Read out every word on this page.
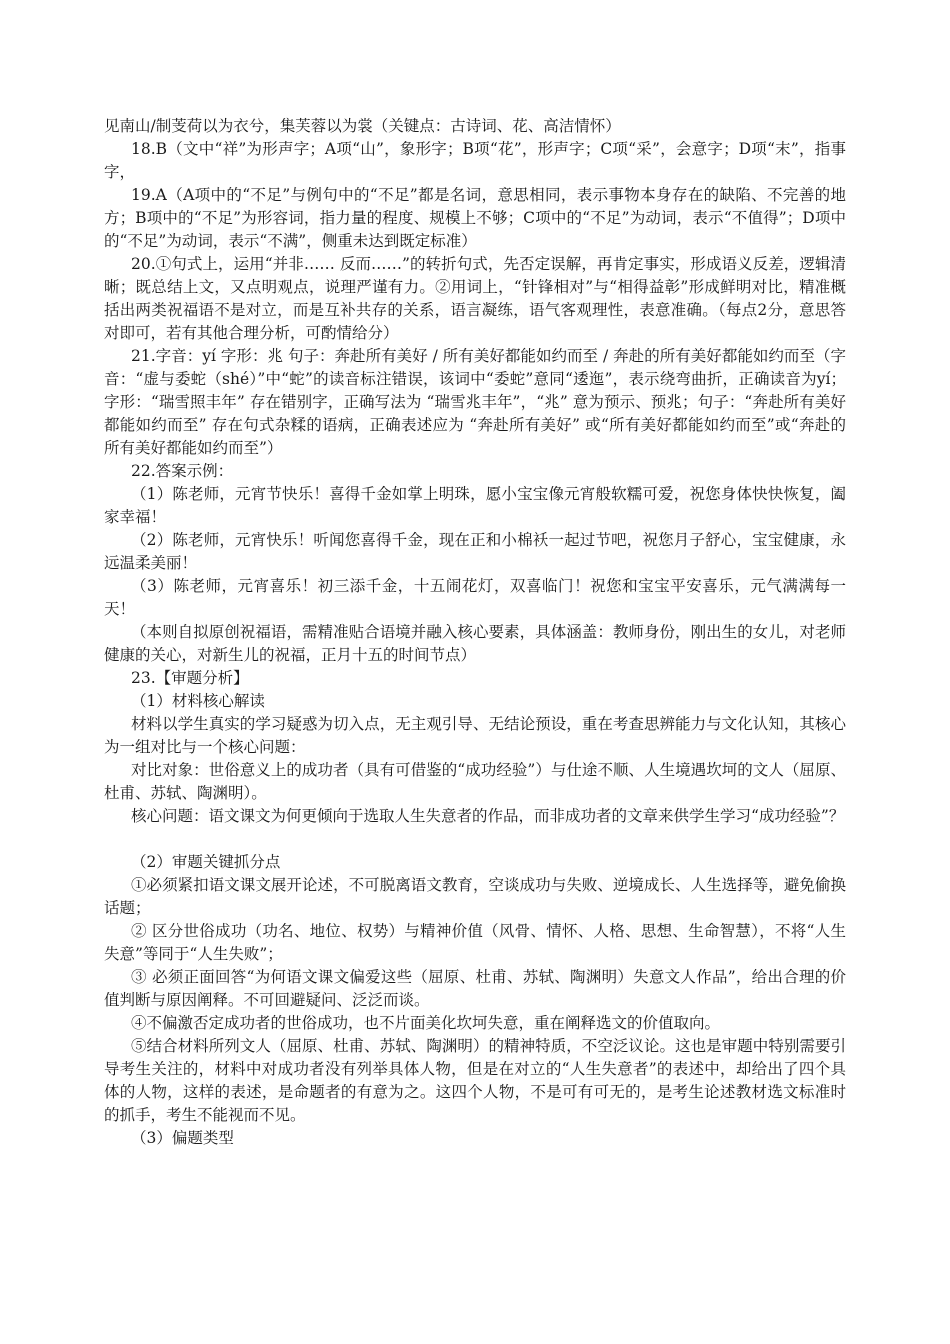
见南山/制芰荷以为衣兮，集芙蓉以为裳（关键点：古诗词、花、高洁情怀）
18.B（文中“祥”为形声字；A项“山”，象形字；B项“花”，形声字；C项“采”，会意字；D项“末”，指事字，
19.A（A项中的“不足”与例句中的“不足”都是名词，意思相同，表示事物本身存在的缺陷、不完善的地方；B项中的“不足”为形容词，指力量的程度、规模上不够；C项中的“不足”为动词，表示“不值得”；D项中的“不足”为动词，表示“不满”，侧重未达到既定标准）
20.①句式上，运用“并非…… 反而……”的转折句式，先否定误解，再肯定事实，形成语义反差，逻辑清晰；既总结上文，又点明观点，说理严谨有力。②用词上，“针锋相对”与“相得益彰”形成鲜明对比，精准概括出两类祝福语不是对立，而是互补共存的关系，语言凝练，语气客观理性，表意准确。（每点2分，意思答对即可，若有其他合理分析，可酌情给分）
21.字音：yí 字形：兆 句子：奔赴所有美好 / 所有美好都能如约而至 / 奔赴的所有美好都能如约而至（字音：“虚与委蛇（shé）”中“蛇”的读音标注错误，该词中“委蛇”意同“逶迤”，表示绕弯曲折，正确读音为yí；字形：“瑞雪照丰年” 存在错别字，正确写法为 “瑞雪兆丰年”，“兆” 意为预示、预兆；句子：“奔赴所有美好都能如约而至” 存在句式杂糅的语病，正确表述应为 “奔赴所有美好” 或“所有美好都能如约而至”或“奔赴的所有美好都能如约而至”）
22.答案示例：
（1）陈老师，元宵节快乐！喜得千金如掌上明珠，愿小宝宝像元宵般软糯可爱，祝您身体快快恢复，阖家幸福！
（2）陈老师，元宵快乐！听闻您喜得千金，现在正和小棉袄一起过节吧，祝您月子舒心，宝宝健康，永远温柔美丽！
（3）陈老师，元宵喜乐！初三添千金，十五闹花灯，双喜临门！祝您和宝宝平安喜乐，元气满满每一天！
（本则自拟原创祝福语，需精准贴合语境并融入核心要素，具体涵盖：教师身份，刚出生的女儿，对老师健康的关心，对新生儿的祝福，正月十五的时间节点）
23.【审题分析】
（1）材料核心解读
材料以学生真实的学习疑惑为切入点，无主观引导、无结论预设，重在考查思辨能力与文化认知，其核心为一组对比与一个核心问题：
对比对象：世俗意义上的成功者（具有可借鉴的“成功经验”）与仕途不顺、人生境遇坎坷的文人（屈原、杜甫、苏轼、陶渊明）。
核心问题：语文课文为何更倾向于选取人生失意者的作品，而非成功者的文章来供学生学习“成功经验”？
（2）审题关键抓分点
①必须紧扣语文课文展开论述，不可脱离语文教育，空谈成功与失败、逆境成长、人生选择等，避免偷换话题；
② 区分世俗成功（功名、地位、权势）与精神价值（风骨、情怀、人格、思想、生命智慧），不将“人生失意”等同于“人生失败”；
③ 必须正面回答“为何语文课文偏爱这些（屈原、杜甫、苏轼、陶渊明）失意文人作品”，给出合理的价值判断与原因阐释。不可回避疑问、泛泛而谈。
④不偏激否定成功者的世俗成功，也不片面美化坎坷失意，重在阐释选文的价值取向。
⑤结合材料所列文人（屈原、杜甫、苏轼、陶渊明）的精神特质，不空泛议论。这也是审题中特别需要引导考生关注的，材料中对成功者没有列举具体人物，但是在对立的“人生失意者”的表述中，却给出了四个具体的人物，这样的表述，是命题者的有意为之。这四个人物，不是可有可无的，是考生论述教材选文标准时的抓手，考生不能视而不见。
（3）偏题类型
